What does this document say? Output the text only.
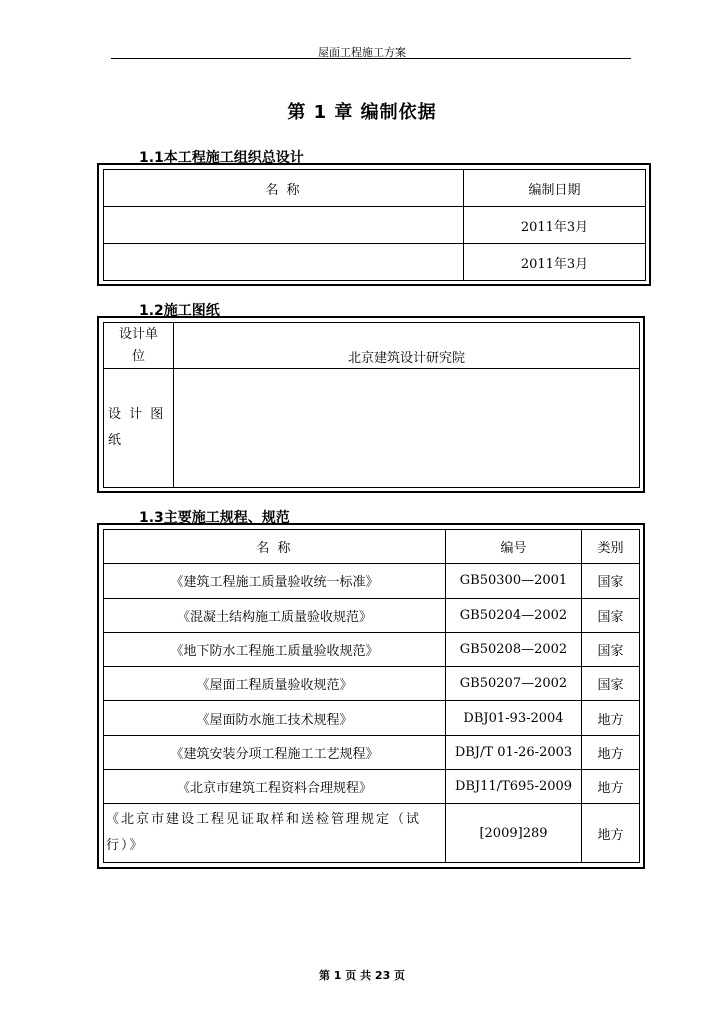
屋面工程施工方案
第 1 章 编制依据
1.1本工程施工组织总设计
名 称	编制日期
	2011年3月
	2011年3月
1.2施工图纸
设计单
位	北京建筑设计研究院

设 计 图
纸	

1.3主要施工规程、规范
名 称	编号	类别
《建筑工程施工质量验收统一标准》	GB50300—2001	国家
《混凝土结构施工质量验收规范》	GB50204—2002	国家
《地下防水工程施工质量验收规范》	GB50208—2002	国家
《屋面工程质量验收规范》	GB50207—2002	国家
《屋面防水施工技术规程》	DBJ01-93-2004	地方
《建筑安装分项工程施工工艺规程》	DBJ/T 01-26-2003	地方
《北京市建筑工程资料合理规程》	DBJ11/T695-2009	地方
《北京市建设工程见证取样和送检管理规定（试行）》	[2009]289	地方
第 1 页 共 23 页
